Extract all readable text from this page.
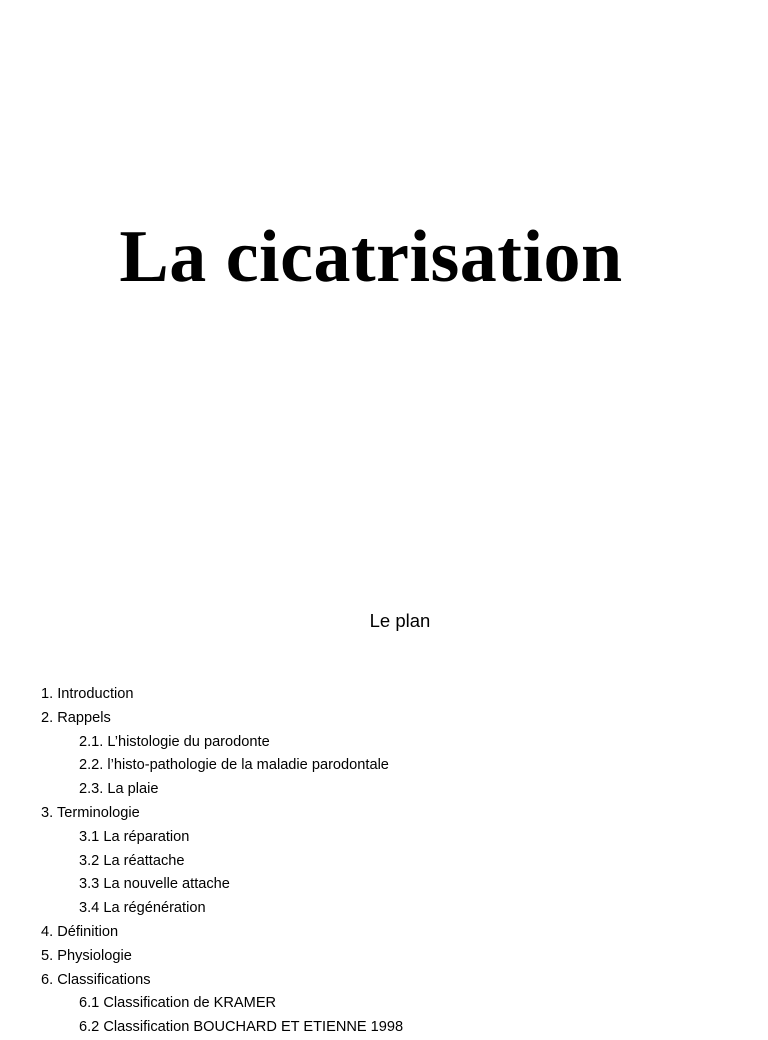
La cicatrisation
Le plan
1. Introduction
2. Rappels
2.1. L’histologie du parodonte
2.2. l’histo-pathologie de la maladie parodontale
2.3. La plaie
3. Terminologie
3.1 La réparation
3.2 La réattache
3.3 La nouvelle attache
3.4 La régénération
4. Définition
5. Physiologie
6. Classifications
6.1 Classification de KRAMER
6.2 Classification BOUCHARD ET ETIENNE 1998
